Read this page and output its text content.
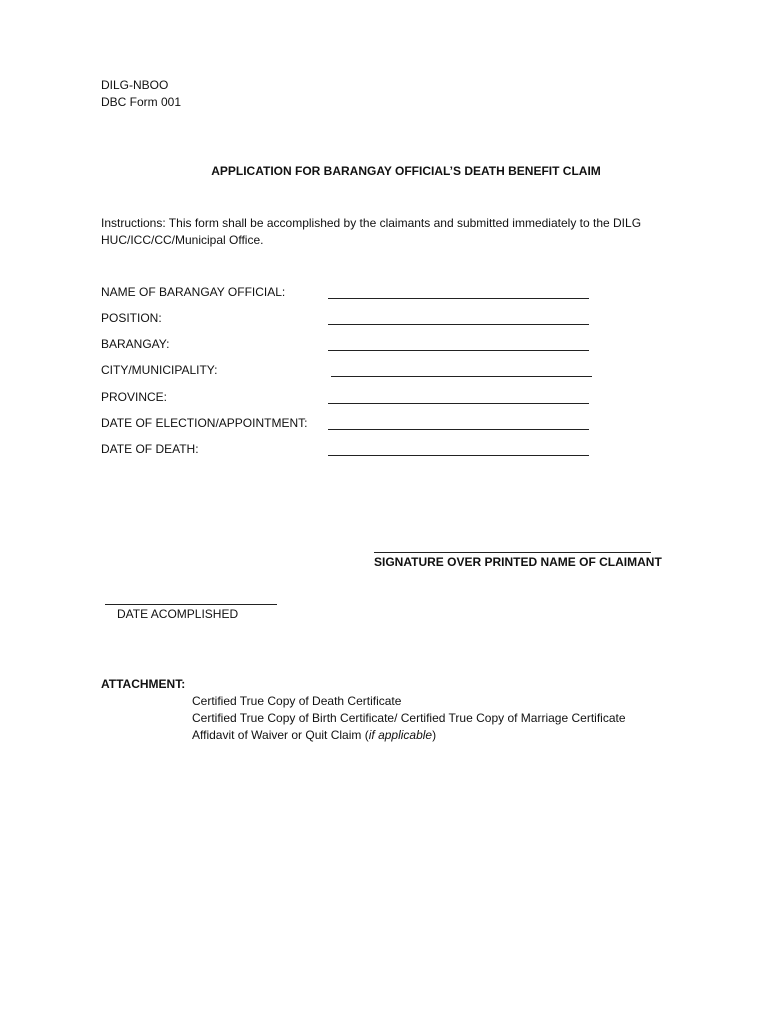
DILG-NBOO
DBC Form 001
APPLICATION FOR BARANGAY OFFICIAL’S DEATH BENEFIT CLAIM
Instructions: This form shall be accomplished by the claimants and submitted immediately to the DILG HUC/ICC/CC/Municipal Office.
NAME OF BARANGAY OFFICIAL:
POSITION:
BARANGAY:
CITY/MUNICIPALITY:
PROVINCE:
DATE OF ELECTION/APPOINTMENT:
DATE OF DEATH:
SIGNATURE OVER PRINTED NAME OF CLAIMANT
DATE ACOMPLISHED
ATTACHMENT:
Certified True Copy of Death Certificate
Certified True Copy of Birth Certificate/ Certified True Copy of Marriage Certificate
Affidavit of Waiver or Quit Claim (if applicable)
